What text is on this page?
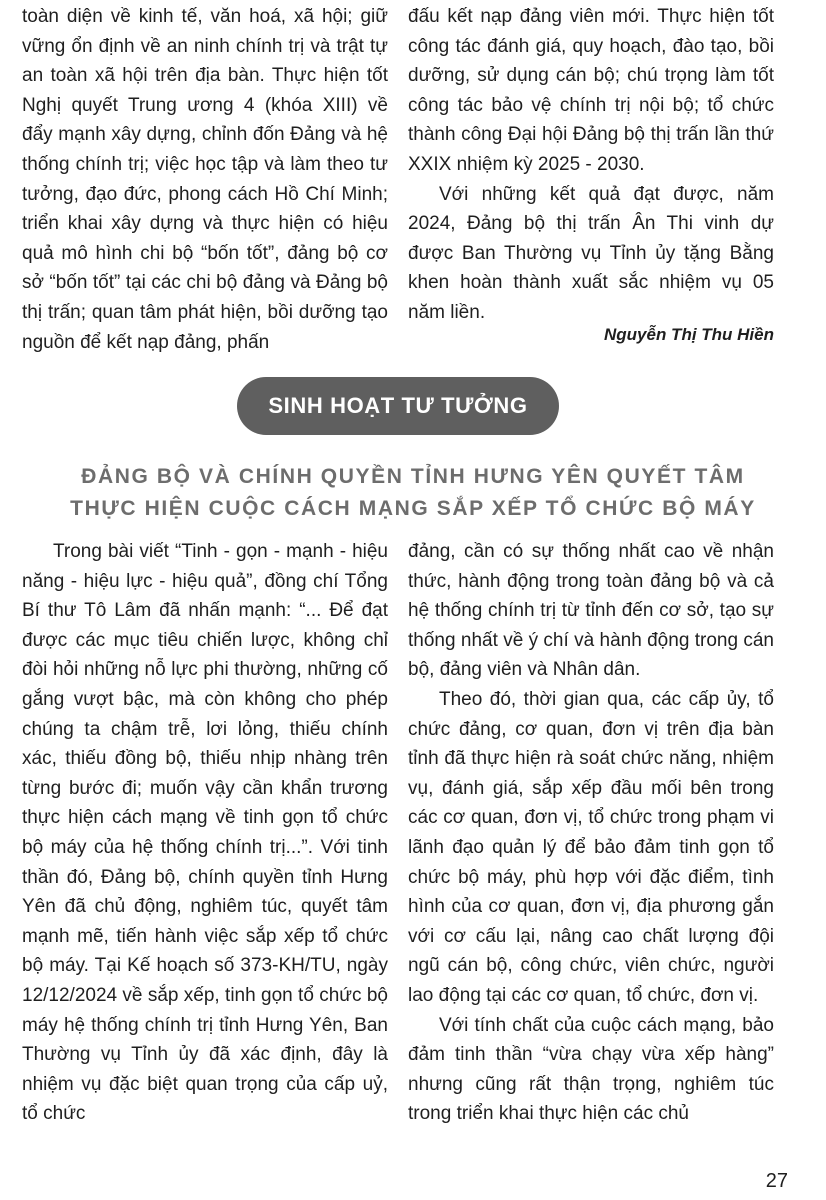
toàn diện về kinh tế, văn hoá, xã hội; giữ vững ổn định về an ninh chính trị và trật tự an toàn xã hội trên địa bàn. Thực hiện tốt Nghị quyết Trung ương 4 (khóa XIII) về đẩy mạnh xây dựng, chỉnh đốn Đảng và hệ thống chính trị; việc học tập và làm theo tư tưởng, đạo đức, phong cách Hồ Chí Minh; triển khai xây dựng và thực hiện có hiệu quả mô hình chi bộ “bốn tốt”, đảng bộ cơ sở “bốn tốt” tại các chi bộ đảng và Đảng bộ thị trấn; quan tâm phát hiện, bồi dưỡng tạo nguồn để kết nạp đảng, phấn

đấu kết nạp đảng viên mới. Thực hiện tốt công tác đánh giá, quy hoạch, đào tạo, bồi dưỡng, sử dụng cán bộ; chú trọng làm tốt công tác bảo vệ chính trị nội bộ; tổ chức thành công Đại hội Đảng bộ thị trấn lần thứ XXIX nhiệm kỳ 2025 - 2030.

Với những kết quả đạt được, năm 2024, Đảng bộ thị trấn Ân Thi vinh dự được Ban Thường vụ Tỉnh ủy tặng Bằng khen hoàn thành xuất sắc nhiệm vụ 05 năm liền.

Nguyễn Thị Thu Hiền
SINH HOẠT TƯ TƯỞNG
ĐẢNG BỘ VÀ CHÍNH QUYỀN TỈNH HƯNG YÊN QUYẾT TÂM
THỰC HIỆN CUỘC CÁCH MẠNG SẮP XẾP TỔ CHỨC BỘ MÁY

Trong bài viết “Tinh - gọn - mạnh - hiệu năng - hiệu lực - hiệu quả”, đồng chí Tổng Bí thư Tô Lâm đã nhấn mạnh: “... Để đạt được các mục tiêu chiến lược, không chỉ đòi hỏi những nỗ lực phi thường, những cố gắng vượt bậc, mà còn không cho phép chúng ta chậm trễ, lơi lỏng, thiếu chính xác, thiếu đồng bộ, thiếu nhịp nhàng trên từng bước đi; muốn vậy cần khẩn trương thực hiện cách mạng về tinh gọn tổ chức bộ máy của hệ thống chính trị...”. Với tinh thần đó, Đảng bộ, chính quyền tỉnh Hưng Yên đã chủ động, nghiêm túc, quyết tâm mạnh mẽ, tiến hành việc sắp xếp tổ chức bộ máy. Tại Kế hoạch số 373-KH/TU, ngày 12/12/2024 về sắp xếp, tinh gọn tổ chức bộ máy hệ thống chính trị tỉnh Hưng Yên, Ban Thường vụ Tỉnh ủy đã xác định, đây là nhiệm vụ đặc biệt quan trọng của cấp uỷ, tổ chức

đảng, cần có sự thống nhất cao về nhận thức, hành động trong toàn đảng bộ và cả hệ thống chính trị từ tỉnh đến cơ sở, tạo sự thống nhất về ý chí và hành động trong cán bộ, đảng viên và Nhân dân.

Theo đó, thời gian qua, các cấp ủy, tổ chức đảng, cơ quan, đơn vị trên địa bàn tỉnh đã thực hiện rà soát chức năng, nhiệm vụ, đánh giá, sắp xếp đầu mối bên trong các cơ quan, đơn vị, tổ chức trong phạm vi lãnh đạo quản lý để bảo đảm tinh gọn tổ chức bộ máy, phù hợp với đặc điểm, tình hình của cơ quan, đơn vị, địa phương gắn với cơ cấu lại, nâng cao chất lượng đội ngũ cán bộ, công chức, viên chức, người lao động tại các cơ quan, tổ chức, đơn vị.

Với tính chất của cuộc cách mạng, bảo đảm tinh thần “vừa chạy vừa xếp hàng” nhưng cũng rất thận trọng, nghiêm túc trong triển khai thực hiện các chủ

27
